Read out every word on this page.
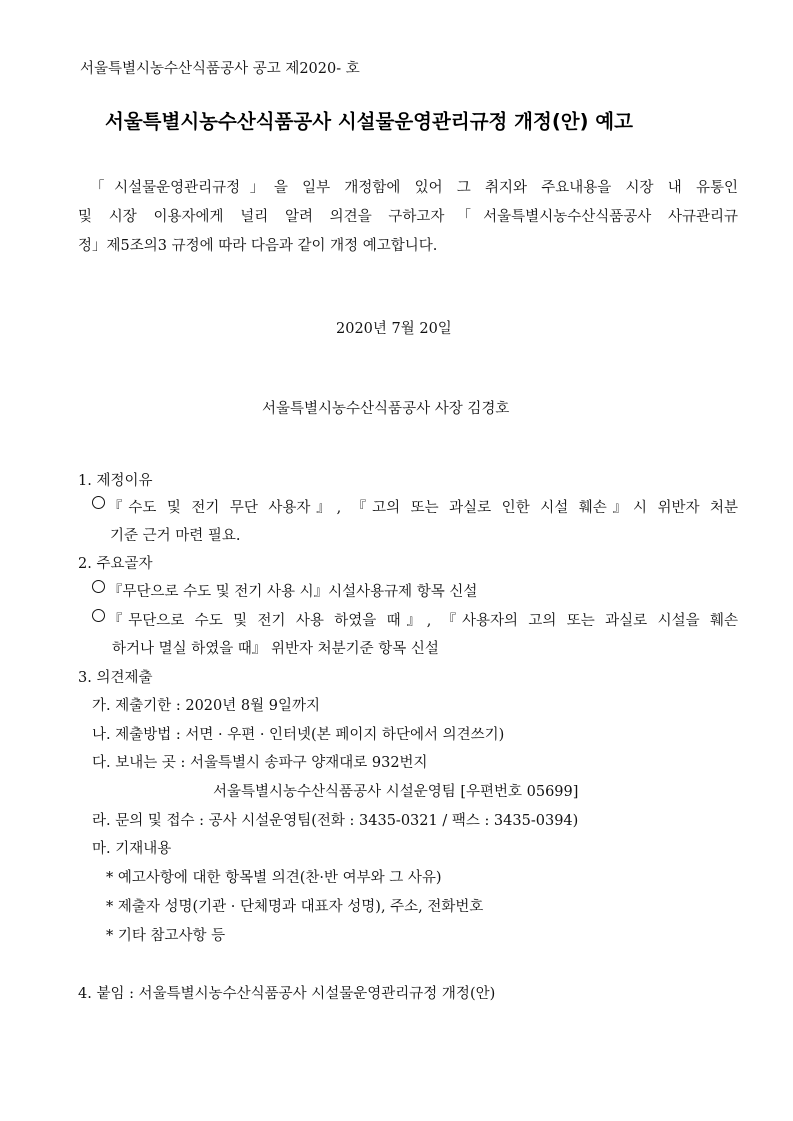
서울특별시농수산식품공사 공고 제2020- 호
서울특별시농수산식품공사 시설물운영관리규정 개정(안) 예고
「시설물운영관리규정」을 일부 개정함에 있어 그 취지와 주요내용을 시장 내 유통인
및 시장 이용자에게 널리 알려 의견을 구하고자「서울특별시농수산식품공사 사규관리규
정」제5조의3 규정에 따라 다음과 같이 개정 예고합니다.
2020년 7월 20일
서울특별시농수산식품공사 사장 김경호
1. 제정이유
『수도 및 전기 무단 사용자』, 『고의 또는 과실로 인한 시설 훼손』시 위반자 처분
기준 근거 마련 필요.
2. 주요골자
『무단으로 수도 및 전기 사용 시』시설사용규제 항목 신설
『무단으로 수도 및 전기 사용 하였을 때』, 『사용자의 고의 또는 과실로 시설을 훼손
하거나 멸실 하였을 때』 위반자 처분기준 항목 신설
3. 의견제출
가. 제출기한 : 2020년 8월 9일까지
나. 제출방법 : 서면 · 우편 · 인터넷(본 페이지 하단에서 의견쓰기)
다. 보내는 곳 : 서울특별시 송파구 양재대로 932번지
서울특별시농수산식품공사 시설운영팀 [우편번호 05699]
라. 문의 및 접수 : 공사 시설운영팀(전화 : 3435-0321 / 팩스 : 3435-0394)
마. 기재내용
* 예고사항에 대한 항목별 의견(찬·반 여부와 그 사유)
* 제출자 성명(기관 · 단체명과 대표자 성명), 주소, 전화번호
* 기타 참고사항 등
4. 붙임 : 서울특별시농수산식품공사 시설물운영관리규정 개정(안)
